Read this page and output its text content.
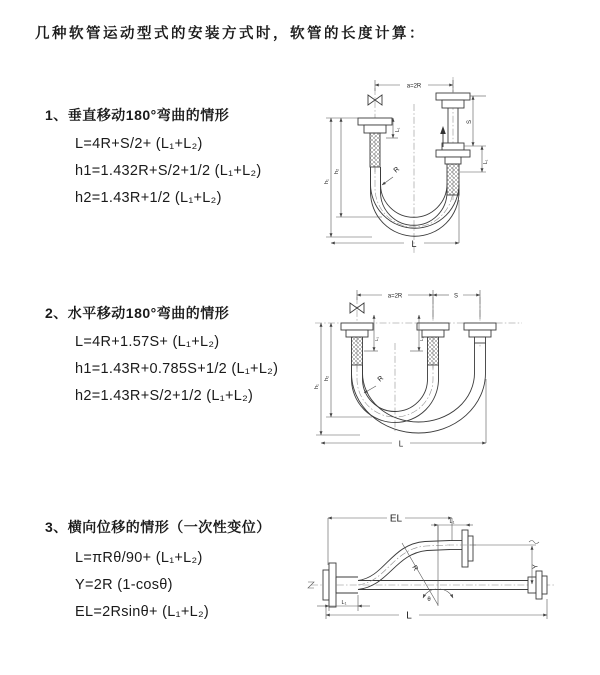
几种软管运动型式的安装方式时，软管的长度计算：
1、垂直移动180°弯曲的情形
L=4R+S/2+ (L₁+L₂)
h1=1.432R+S/2+1/2 (L₁+L₂)
h2=1.43R+1/2 (L₁+L₂)
2、水平移动180°弯曲的情形
L=4R+1.57S+ (L₁+L₂)
h1=1.43R+0.785S+1/2 (L₁+L₂)
h2=1.43R+S/2+1/2 (L₁+L₂)
3、横向位移的情形（一次性变位）
L=πRθ/90+ (L₁+L₂)
Y=2R (1-cosθ)
EL=2Rsinθ+ (L₁+L₂)
a=2R
L₁
S
L₁
R
h₁
h₂
L
a=2R	S
L₁	L₁
R
h₁
h₂
L
EL	L₁
R
θ
Y
L₁
L
